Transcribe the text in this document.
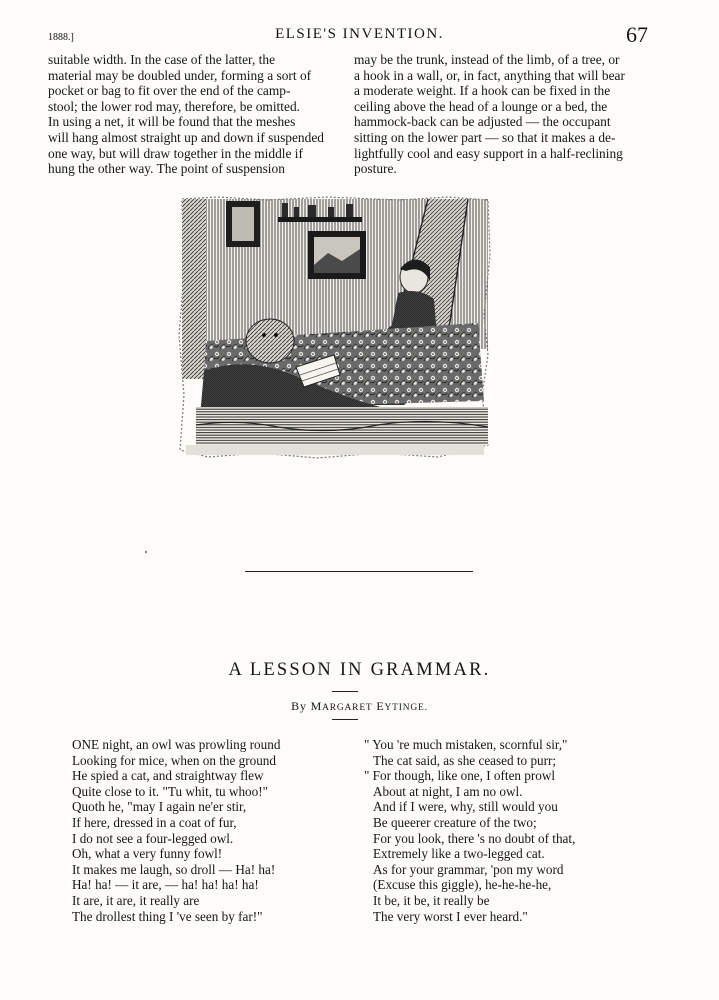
1888.]	ELSIE'S INVENTION.	67
suitable width. In the case of the latter, the
material may be doubled under, forming a sort of
pocket or bag to fit over the end of the camp-
stool; the lower rod may, therefore, be omitted.
In using a net, it will be found that the meshes
will hang almost straight up and down if suspended
one way, but will draw together in the middle if
hung the other way. The point of suspension
may be the trunk, instead of the limb, of a tree, or
a hook in a wall, or, in fact, anything that will bear
a moderate weight. If a hook can be fixed in the
ceiling above the head of a lounge or a bed, the
hammock-back can be adjusted — the occupant
sitting on the lower part — so that it makes a de-
lightfully cool and easy support in a half-reclining
posture.
A LESSON IN GRAMMAR.
By MARGARET EYTINGE.
ONE night, an owl was prowling round
Looking for mice, when on the ground
He spied a cat, and straightway flew
Quite close to it. "Tu whit, tu whoo!"
Quoth he, "may I again ne'er stir,
If here, dressed in a coat of fur,
I do not see a four-legged owl.
Oh, what a very funny fowl!
It makes me laugh, so droll — Ha! ha!
Ha! ha! — it are, — ha! ha! ha! ha!
It are, it are, it really are
The drollest thing I 've seen by far!"
" You 're much mistaken, scornful sir,"
The cat said, as she ceased to purr;
" For though, like one, I often prowl
About at night, I am no owl.
And if I were, why, still would you
Be queerer creature of the two;
For you look, there 's no doubt of that,
Extremely like a two-legged cat.
As for your grammar, 'pon my word
(Excuse this giggle), he-he-he-he,
It be, it be, it really be
The very worst I ever heard."
